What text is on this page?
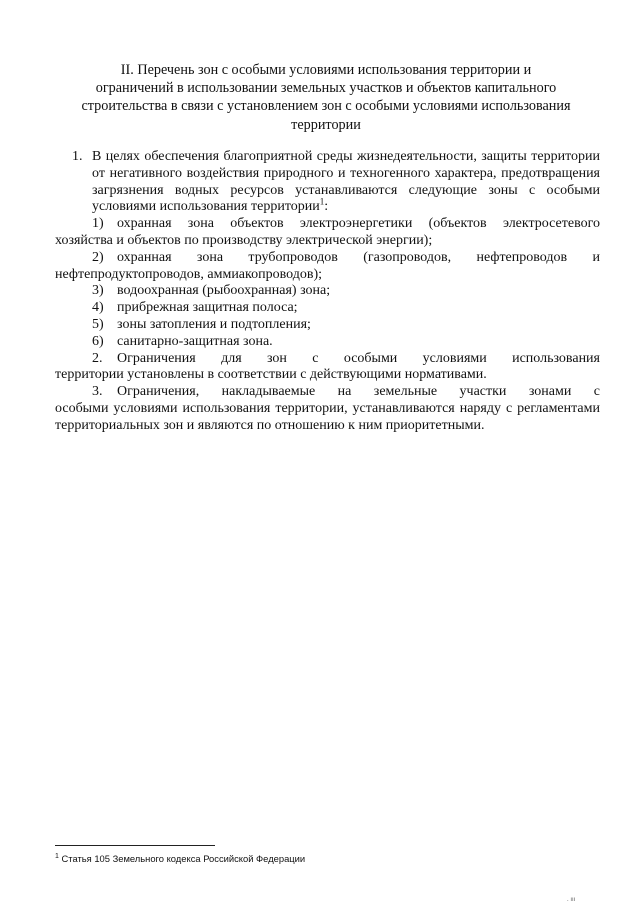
II. Перечень зон с особыми условиями использования территории и
ограничений в использовании земельных участков и объектов капитального
строительства в связи с установлением зон с особыми условиями использования
территории
1. В целях обеспечения благоприятной среды жизнедеятельности, защиты территории от негативного воздействия природного и техногенного характера, предотвращения загрязнения водных ресурсов устанавливаются следующие зоны с особыми условиями использования территории$^1$:
1) охранная зона объектов электроэнергетики (объектов электросетевого
хозяйства и объектов по производству электрической энергии);
2) охранная зона трубопроводов (газопроводов, нефтепроводов и
нефтепродуктопроводов, аммиакопроводов);
3) водоохранная (рыбоохранная) зона;
4) прибрежная защитная полоса;
5) зоны затопления и подтопления;
6) санитарно-защитная зона.
2.	Ограничения для зон с особыми условиями использования
территории установлены в соответствии с действующими нормативами.
3.	Ограничения, накладываемые на земельные участки зонами с
особыми условиями использования территории, устанавливаются наряду с регламентами территориальных зон и являются по отношению к ним приоритетными.
$^1$ Статья 105 Земельного кодекса Российской Федерации
. ııı
